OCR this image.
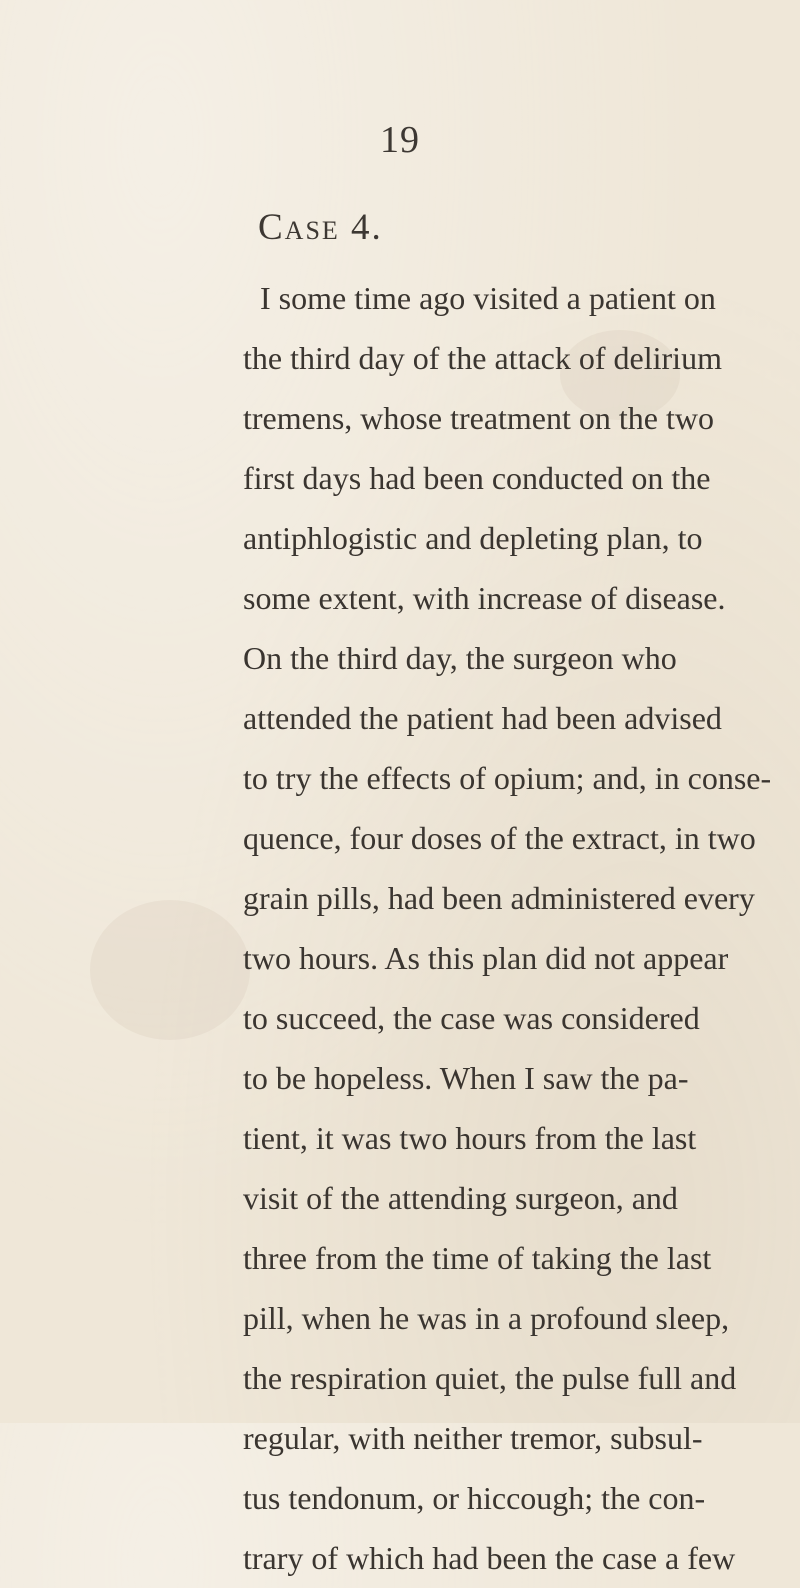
19
Case 4.
I some time ago visited a patient on
the third day of the attack of delirium
tremens, whose treatment on the two
first days had been conducted on the
antiphlogistic and depleting plan, to
some extent, with increase of disease.
On the third day, the surgeon who
attended the patient had been advised
to try the effects of opium; and, in conse-
quence, four doses of the extract, in two
grain pills, had been administered every
two hours. As this plan did not appear
to succeed, the case was considered
to be hopeless. When I saw the pa-
tient, it was two hours from the last
visit of the attending surgeon, and
three from the time of taking the last
pill, when he was in a profound sleep,
the respiration quiet, the pulse full and
regular, with neither tremor, subsul-
tus tendonum, or hiccough; the con-
trary of which had been the case a few
